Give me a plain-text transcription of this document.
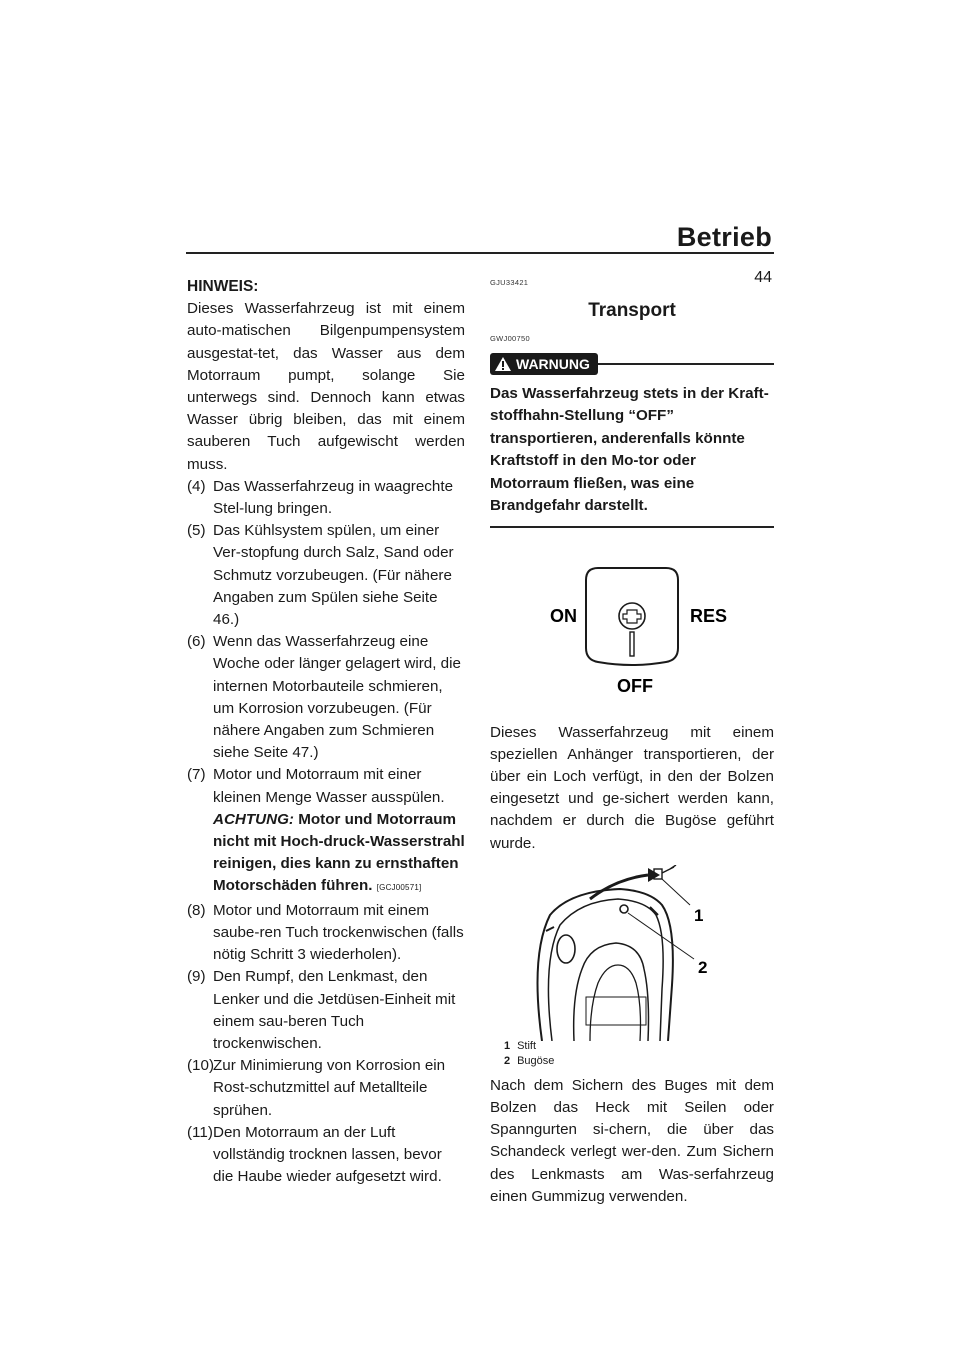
Betrieb
44
HINWEIS:

Dieses Wasserfahrzeug ist mit einem auto-matischen Bilgenpumpensystem ausgestat-tet, das Wasser aus dem Motorraum pumpt, solange Sie unterwegs sind. Dennoch kann etwas Wasser übrig bleiben, das mit einem sauberen Tuch aufgewischt werden muss.

(4) Das Wasserfahrzeug in waagrechte Stel-lung bringen.
(5) Das Kühlsystem spülen, um einer Ver-stopfung durch Salz, Sand oder Schmutz vorzubeugen. (Für nähere Angaben zum Spülen siehe Seite 46.)
(6) Wenn das Wasserfahrzeug eine Woche oder länger gelagert wird, die internen Motorbauteile schmieren, um Korrosion vorzubeugen. (Für nähere Angaben zum Schmieren siehe Seite 47.)
(7) Motor und Motorraum mit einer kleinen Menge Wasser ausspülen. ACHTUNG: Motor und Motorraum nicht mit Hoch-druck-Wasserstrahl reinigen, dies kann zu ernsthaften Motorschäden führen. [GCJ00571]
(8) Motor und Motorraum mit einem saube-ren Tuch trockenwischen (falls nötig Schritt 3 wiederholen).
(9) Den Rumpf, den Lenkmast, den Lenker und die Jetdüsen-Einheit mit einem sau-beren Tuch trockenwischen.
(10)
Zur Minimierung von Korrosion ein Rost-schutzmittel auf Metallteile sprühen.
(11) Den Motorraum an der Luft vollständig trocknen lassen, bevor die Haube wieder aufgesetzt wird.
GJU33421
Transport
GWJ00750
WARNUNG
Das Wasserfahrzeug stets in der Kraft-stoffhahn-Stellung “OFF” transportieren, anderenfalls könnte Kraftstoff in den Mo-tor oder Motorraum fließen, was eine Brandgefahr darstellt.
ON	RES
OFF

Dieses Wasserfahrzeug mit einem speziellen Anhänger transportieren, der über ein Loch verfügt, in den der Bolzen eingesetzt und ge-sichert werden kann, nachdem er durch die Bugöse geführt wurde.

1
2
1 Stift
2 Bugöse

Nach dem Sichern des Buges mit dem Bolzen das Heck mit Seilen oder Spanngurten si-chern, die über das Schandeck verlegt wer-den. Zum Sichern des Lenkmasts am Was-serfahrzeug einen Gummizug verwenden.
